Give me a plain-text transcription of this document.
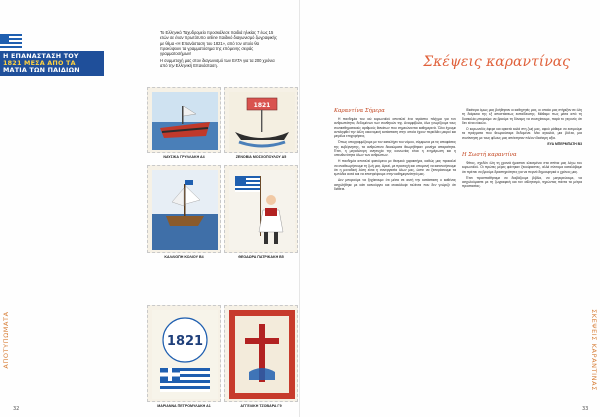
Η ΕΠΑΝΑΣΤΑΣΗ ΤΟΥ
1821 ΜΕΣΑ ΑΠΟ ΤΑ
ΜΑΤΙΑ ΤΩΝ ΠΑΙΔΙΩΝ

Το Ελληνικό Ταχυδρομείο προσκάλεσε παιδιά ηλικίας 7 έως 15 ετών σε έναν πρωτότυπο online παιδικό διαγωνισμό ζωγραφικής με θέμα «Η Επανάσταση του 1821», από τον οποίο θα προκύψουν τα γραμματόσημα της επόμενης σειράς γραμματοσήμων!

Η συμμετοχή μας στον διαγωνισμό των ΕΛΤΑ για τα 200 χρόνια από την Ελληνική Επανάσταση.

ΝΑΥΣΙΚΑ ΓΡΥΛΛΑΚΗ Α4
1821
ΖΕΝΟΒΙΑ ΜΟΣΧΟΠΟΥΛΟΥ Α5
ΚΑΛΛΙΟΠΗ ΚΟΛΙΟΥ Β4	ΘΕΟΔΩΡΑ ΠΑΤΡΙΚΑΚΗ Β5
1821
ΜΑΡΙΑΝΝΑ ΠΕΤΡΟΜΥΛΑΚΗ Α1	ΑΓΓΕΛΙΚΗ ΤΖΟΒΑΡΑ Γ9
ΑΠΟΤΥΠΩΜΑΤΑ
32
Σκέψεις καραντίνας
Καραντίνα Σήμερα

Η πανδημία του ιού κορωνοϊού αποτελεί ένα τεράστιο πλήγμα για τον ανθρωπότητα, δεδομένων των συνθηκών της. Αναμφίβολα, όλοι γνωρίζουμε τους συναισθηματικούς αριθμούς θανάτων που σημειώνονται καθημερινά. Όλοι έχουμε αντιληφθεί την άλλη οικονομική κατάσταση στην οποία έχουν περιέλθει μικροί και μεγάλοι επιχειρήσεις.

Όπως υπογραμμίζουμε με τον καταλήγει του νόμου, σύμφωνα με τις αποφάσεις της κυβέρνησης, τα ανθρώπινα δικαιώματα θεωρήθηκαν μονάχα απαραίτητα. Έτσι, η μεγαλύτερη ανησυχία της κοινωνίας είναι η ενημέρωση και η υπευθυνότητα όλων των ανθρώπων.

Η πανδημία αποτελεί φαινόμενο με θεσμικό χαρακτήρα, καθώς μας προκαλεί να αναθεωρήσουμε τη ζωή μας. Αρκεί, με προσοχή και υπομονή να κατανοήσουμε ότι η μοναδική λύση είναι η συνεργασία όλων μας, ώστε να ξεπεράσουμε τα εμπόδια αυτά και να επιστρέψουμε στην καθημερινότητά μας.

Δεν μπορούμε να ξεχάσουμε ότι μέσα σε αυτή την κατάσταση ο καθένας ασχολήθηκε με κάτι καινούργιο και ανακάλυψε ταλέντα που δεν γνώριζε ότι διέθετε.

Ιδιαίτερα όμως μας βοήθησαν οι καθηγητές μας, οι οποίοι μας στήριξαν σε όλη τη διάρκεια της εξ αποστάσεως εκπαίδευσης. Μάθαμε πως μέσα από τη δυσκολία μπορούμε να βρούμε τη δύναμη να συνεχίσουμε, παρά το γεγονός ότι δεν είναι εύκολο.

Ο κορωνοϊός έφερε και αρκετά καλά στη ζωή μας, αφού μάθαμε να εκτιμούμε τα πράγματα που θεωρούσαμε δεδομένα. Μια αγκαλιά, μια βόλτα, μια συνάντηση με τους φίλους μας απέκτησαν πλέον ιδιαίτερη αξία.

ΕΥΑ ΜΠΕΡΜΠΑΤΗ Β3
Η Σωστή καραντίνα

Φέτος, σχεδόν όλη τη χρονιά ήμασταν κλεισμένοι στα σπίτια μας λόγω του κορωνοϊού. Οι πρώτες μέρες φάνηκαν ξεκούραστες, αλλά σύντομα καταλάβαμε ότι πρέπει να βρούμε δραστηριότητες για να περνά δημιουργικά ο χρόνος μας.

Έτσι προσπαθήσαμε να διαβάζουμε βιβλία, να μαγειρεύουμε, να ασχολούμαστε με τη ζωγραφική και τον αθλητισμό, τηρώντας πάντα τα μέτρα προστασίας.

ΣΚΕΨΕΙΣ ΚΑΡΑΝΤΙΝΑΣ
33
